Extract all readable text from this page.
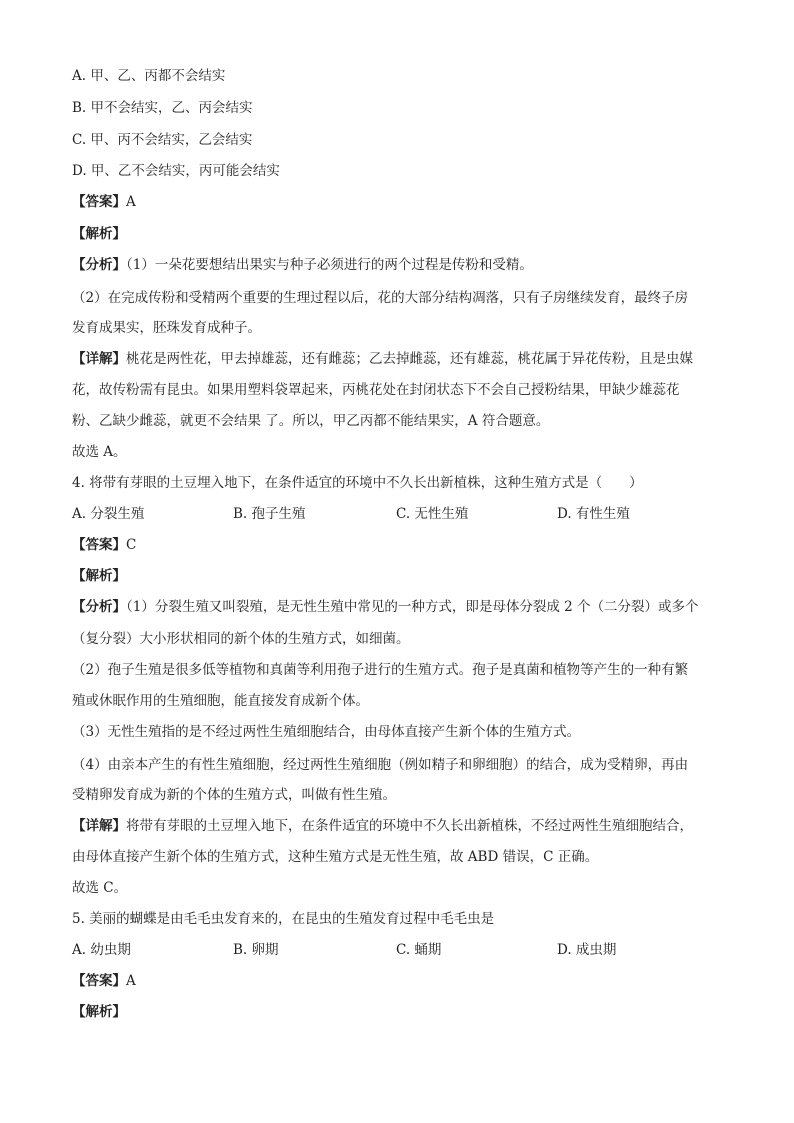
A. 甲、乙、丙都不会结实
B. 甲不会结实，乙、丙会结实
C. 甲、丙不会结实，乙会结实
D. 甲、乙不会结实，丙可能会结实
【答案】A
【解析】
【分析】（1）一朵花要想结出果实与种子必须进行的两个过程是传粉和受精。
（2）在完成传粉和受精两个重要的生理过程以后，花的大部分结构凋落，只有子房继续发育，最终子房
发育成果实，胚珠发育成种子。
【详解】桃花是两性花，甲去掉雄蕊，还有雌蕊；乙去掉雌蕊，还有雄蕊，桃花属于异花传粉，且是虫媒
花，故传粉需有昆虫。如果用塑料袋罩起来，丙桃花处在封闭状态下不会自己授粉结果，甲缺少雄蕊花
粉、乙缺少雌蕊，就更不会结果 了。所以，甲乙丙都不能结果实，A 符合题意。
故选 A。
4. 将带有芽眼的土豆埋入地下，在条件适宜的环境中不久长出新植株，这种生殖方式是（　　）
A. 分裂生殖	B. 孢子生殖	C. 无性生殖	D. 有性生殖
【答案】C
【解析】
【分析】（1）分裂生殖又叫裂殖，是无性生殖中常见的一种方式，即是母体分裂成 2 个（二分裂）或多个
（复分裂）大小形状相同的新个体的生殖方式，如细菌。
（2）孢子生殖是很多低等植物和真菌等利用孢子进行的生殖方式。孢子是真菌和植物等产生的一种有繁
殖或休眠作用的生殖细胞，能直接发育成新个体。
（3）无性生殖指的是不经过两性生殖细胞结合，由母体直接产生新个体的生殖方式。
（4）由亲本产生的有性生殖细胞，经过两性生殖细胞（例如精子和卵细胞）的结合，成为受精卵，再由
受精卵发育成为新的个体的生殖方式，叫做有性生殖。
【详解】将带有芽眼的土豆埋入地下，在条件适宜的环境中不久长出新植株，不经过两性生殖细胞结合，
由母体直接产生新个体的生殖方式，这种生殖方式是无性生殖，故 ABD 错误，C 正确。
故选 C。
5. 美丽的蝴蝶是由毛毛虫发育来的，在昆虫的生殖发育过程中毛毛虫是
A. 幼虫期	B. 卵期	C. 蛹期	D. 成虫期
【答案】A
【解析】
